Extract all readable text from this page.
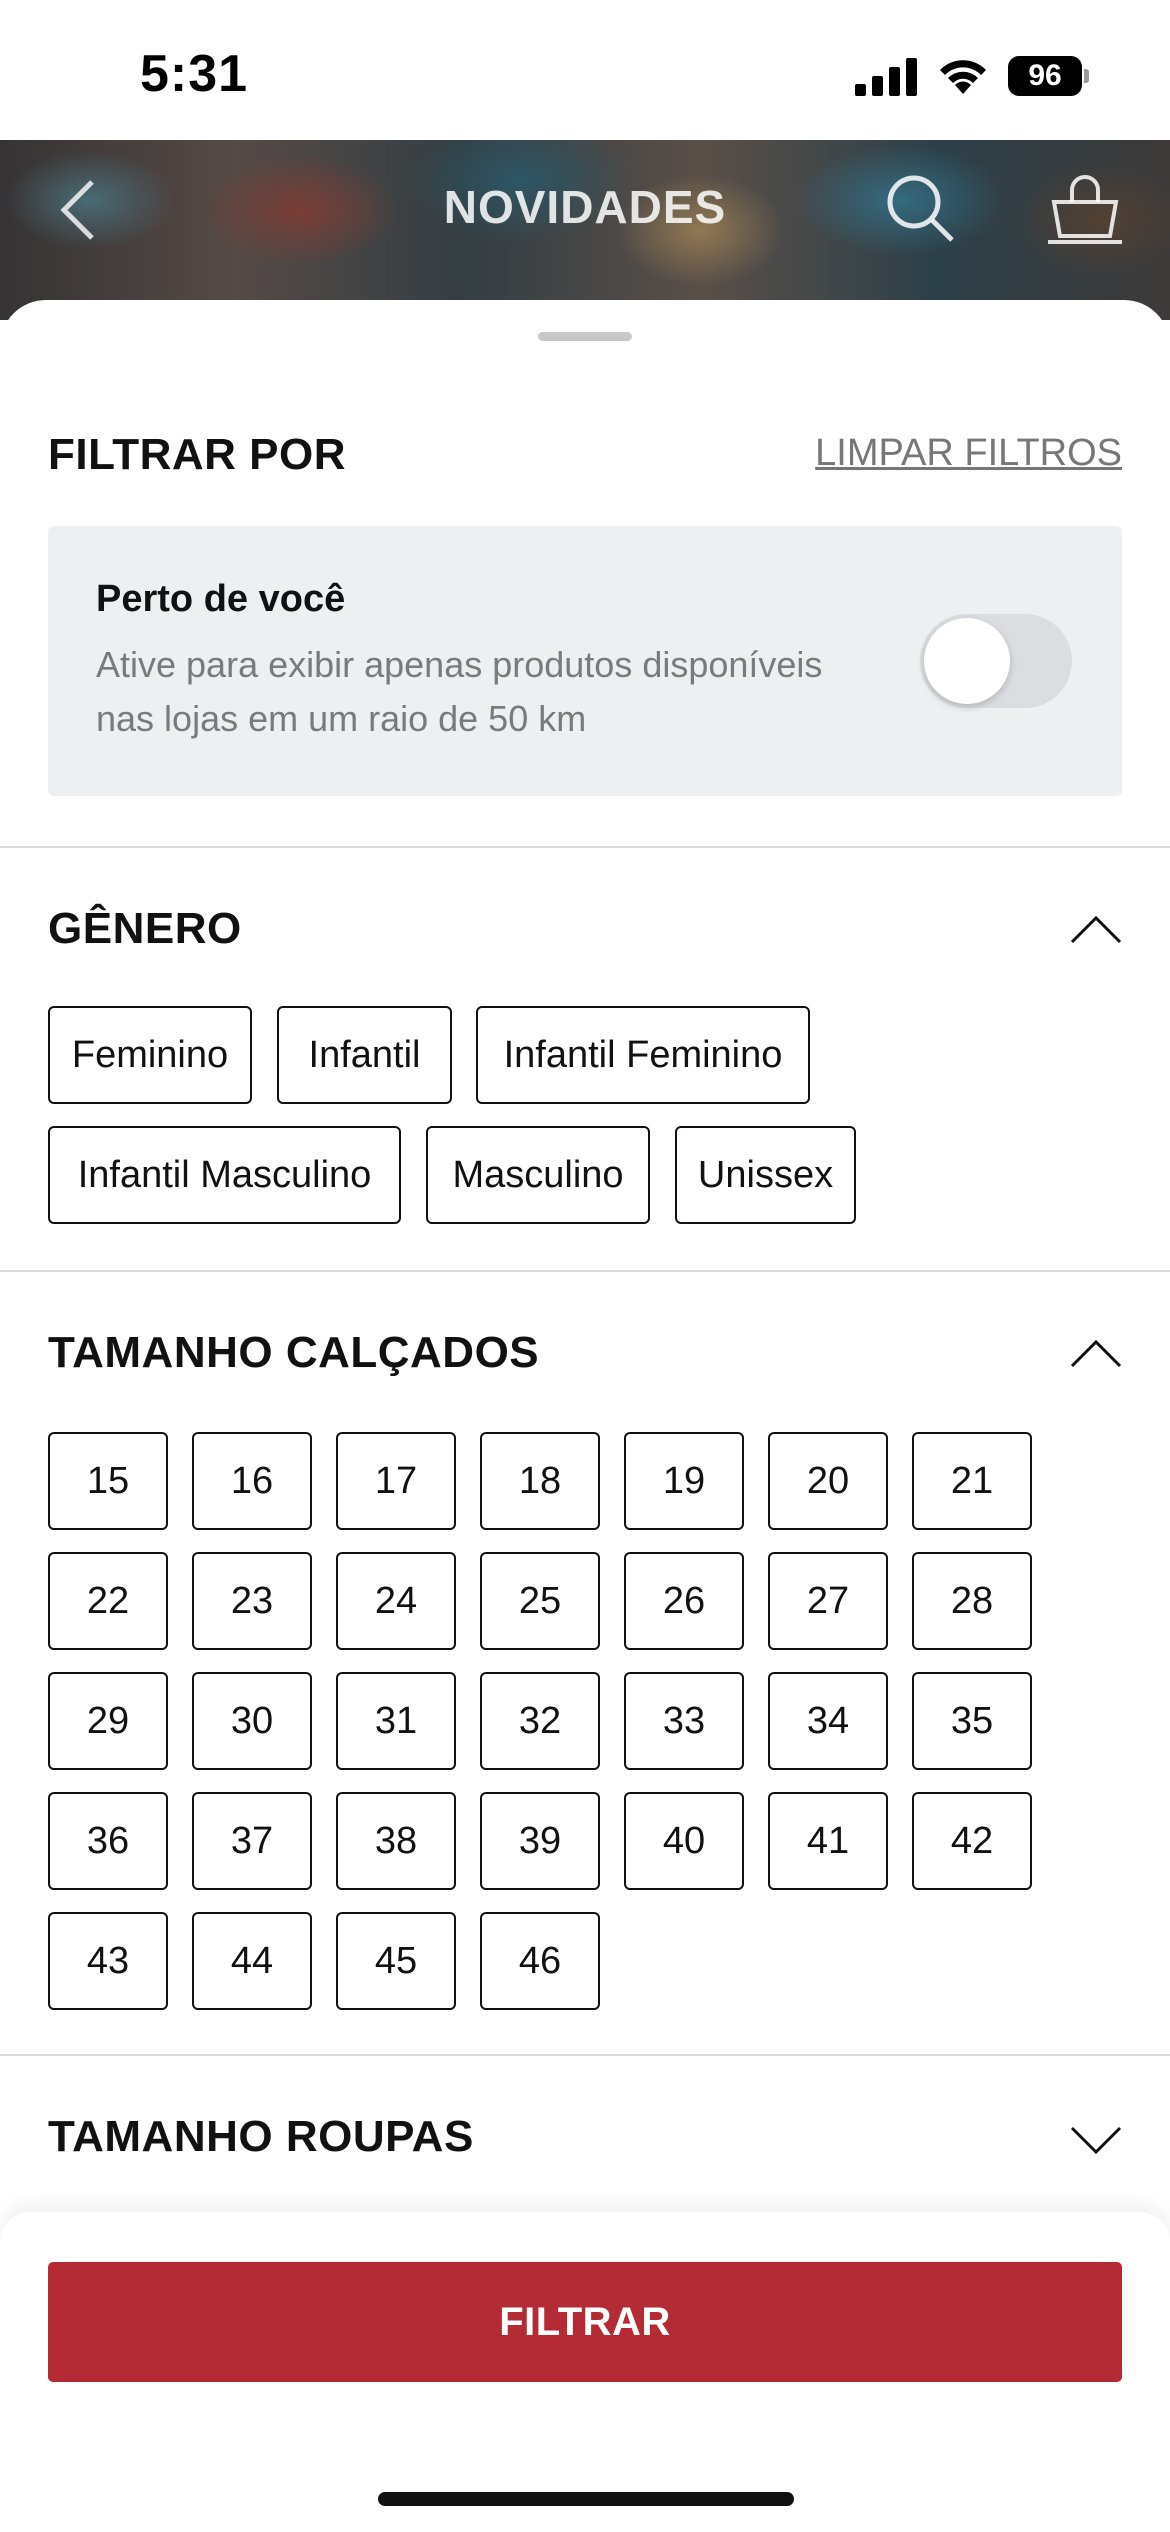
5:31	96
NOVIDADES
FILTRAR POR	LIMPAR FILTROS
Perto de você
Ative para exibir apenas produtos disponíveis nas lojas em um raio de 50 km
GÊNERO
Feminino	Infantil	Infantil Feminino
Infantil Masculino	Masculino	Unissex
TAMANHO CALÇADOS
TAMANHO ROUPAS
15	16	17	18	19	20	21
22	23	24	25	26	27	28
29	30	31	32	33	34	35
36	37	38	39	40	41	42
43	44	45	46
FILTRAR
